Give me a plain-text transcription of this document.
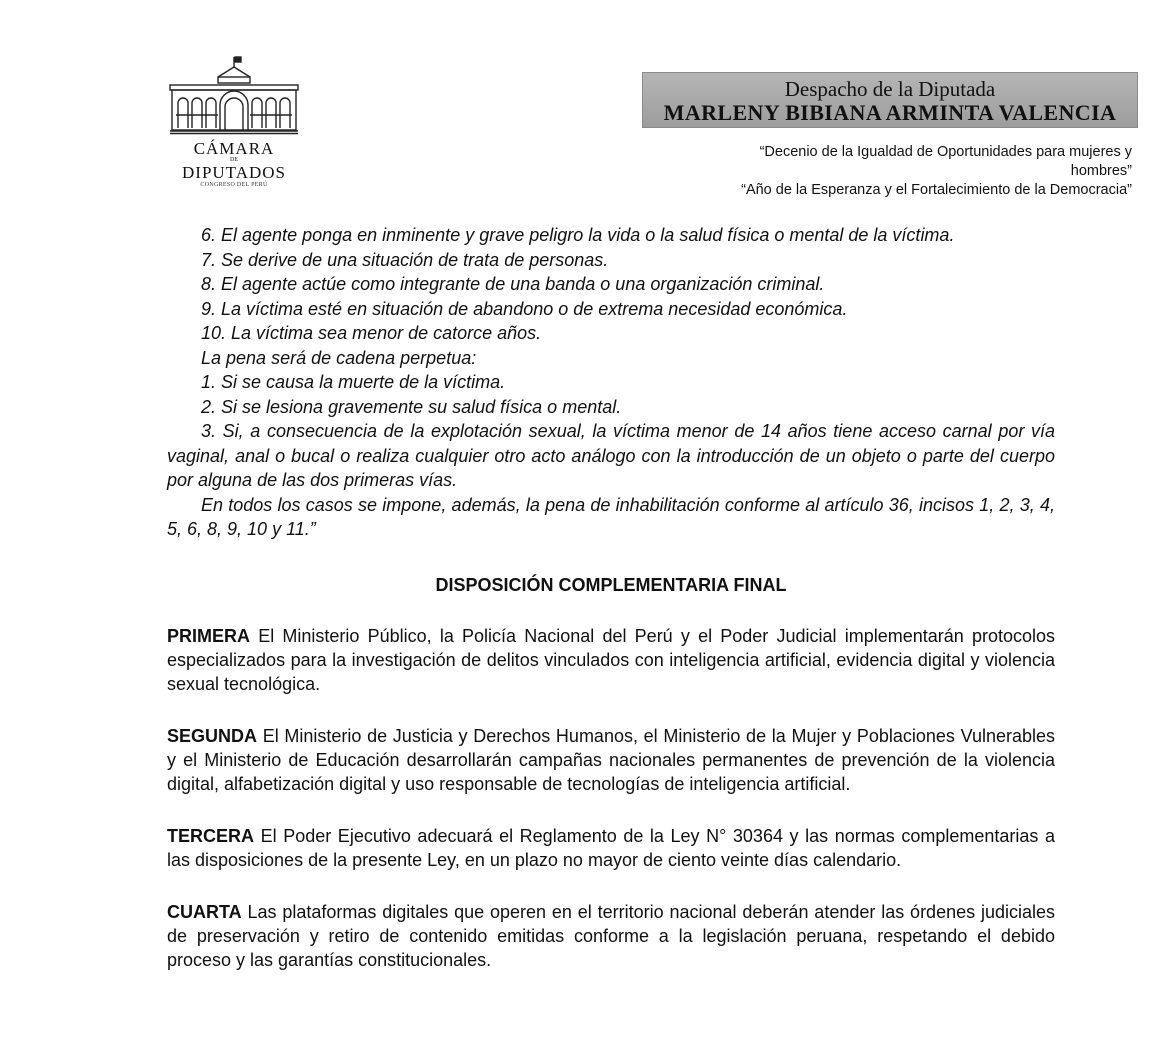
CÁMARA
DE
DIPUTADOS
CONGRESO DEL PERÚ
Despacho de la Diputada
MARLENY BIBIANA ARMINTA VALENCIA
“Decenio de la Igualdad de Oportunidades para mujeres y
hombres”
“Año de la Esperanza y el Fortalecimiento de la Democracia”

6. El agente ponga en inminente y grave peligro la vida o la salud física o mental de la víctima.

7. Se derive de una situación de trata de personas.

8. El agente actúe como integrante de una banda o una organización criminal.

9. La víctima esté en situación de abandono o de extrema necesidad económica.

10. La víctima sea menor de catorce años.

La pena será de cadena perpetua:

1. Si se causa la muerte de la víctima.

2. Si se lesiona gravemente su salud física o mental.

3. Si, a consecuencia de la explotación sexual, la víctima menor de 14 años tiene acceso carnal por vía vaginal, anal o bucal o realiza cualquier otro acto análogo con la introducción de un objeto o parte del cuerpo por alguna de las dos primeras vías.

En todos los casos se impone, además, la pena de inhabilitación conforme al artículo 36, incisos 1, 2, 3, 4, 5, 6, 8, 9, 10 y 11.”

DISPOSICIÓN COMPLEMENTARIA FINAL

PRIMERA El Ministerio Público, la Policía Nacional del Perú y el Poder Judicial implementarán protocolos especializados para la investigación de delitos vinculados con inteligencia artificial, evidencia digital y violencia sexual tecnológica.

SEGUNDA El Ministerio de Justicia y Derechos Humanos, el Ministerio de la Mujer y Poblaciones Vulnerables y el Ministerio de Educación desarrollarán campañas nacionales permanentes de prevención de la violencia digital, alfabetización digital y uso responsable de tecnologías de inteligencia artificial.

TERCERA El Poder Ejecutivo adecuará el Reglamento de la Ley N° 30364 y las normas complementarias a las disposiciones de la presente Ley, en un plazo no mayor de ciento veinte días calendario.

CUARTA Las plataformas digitales que operen en el territorio nacional deberán atender las órdenes judiciales de preservación y retiro de contenido emitidas conforme a la legislación peruana, respetando el debido proceso y las garantías constitucionales.
